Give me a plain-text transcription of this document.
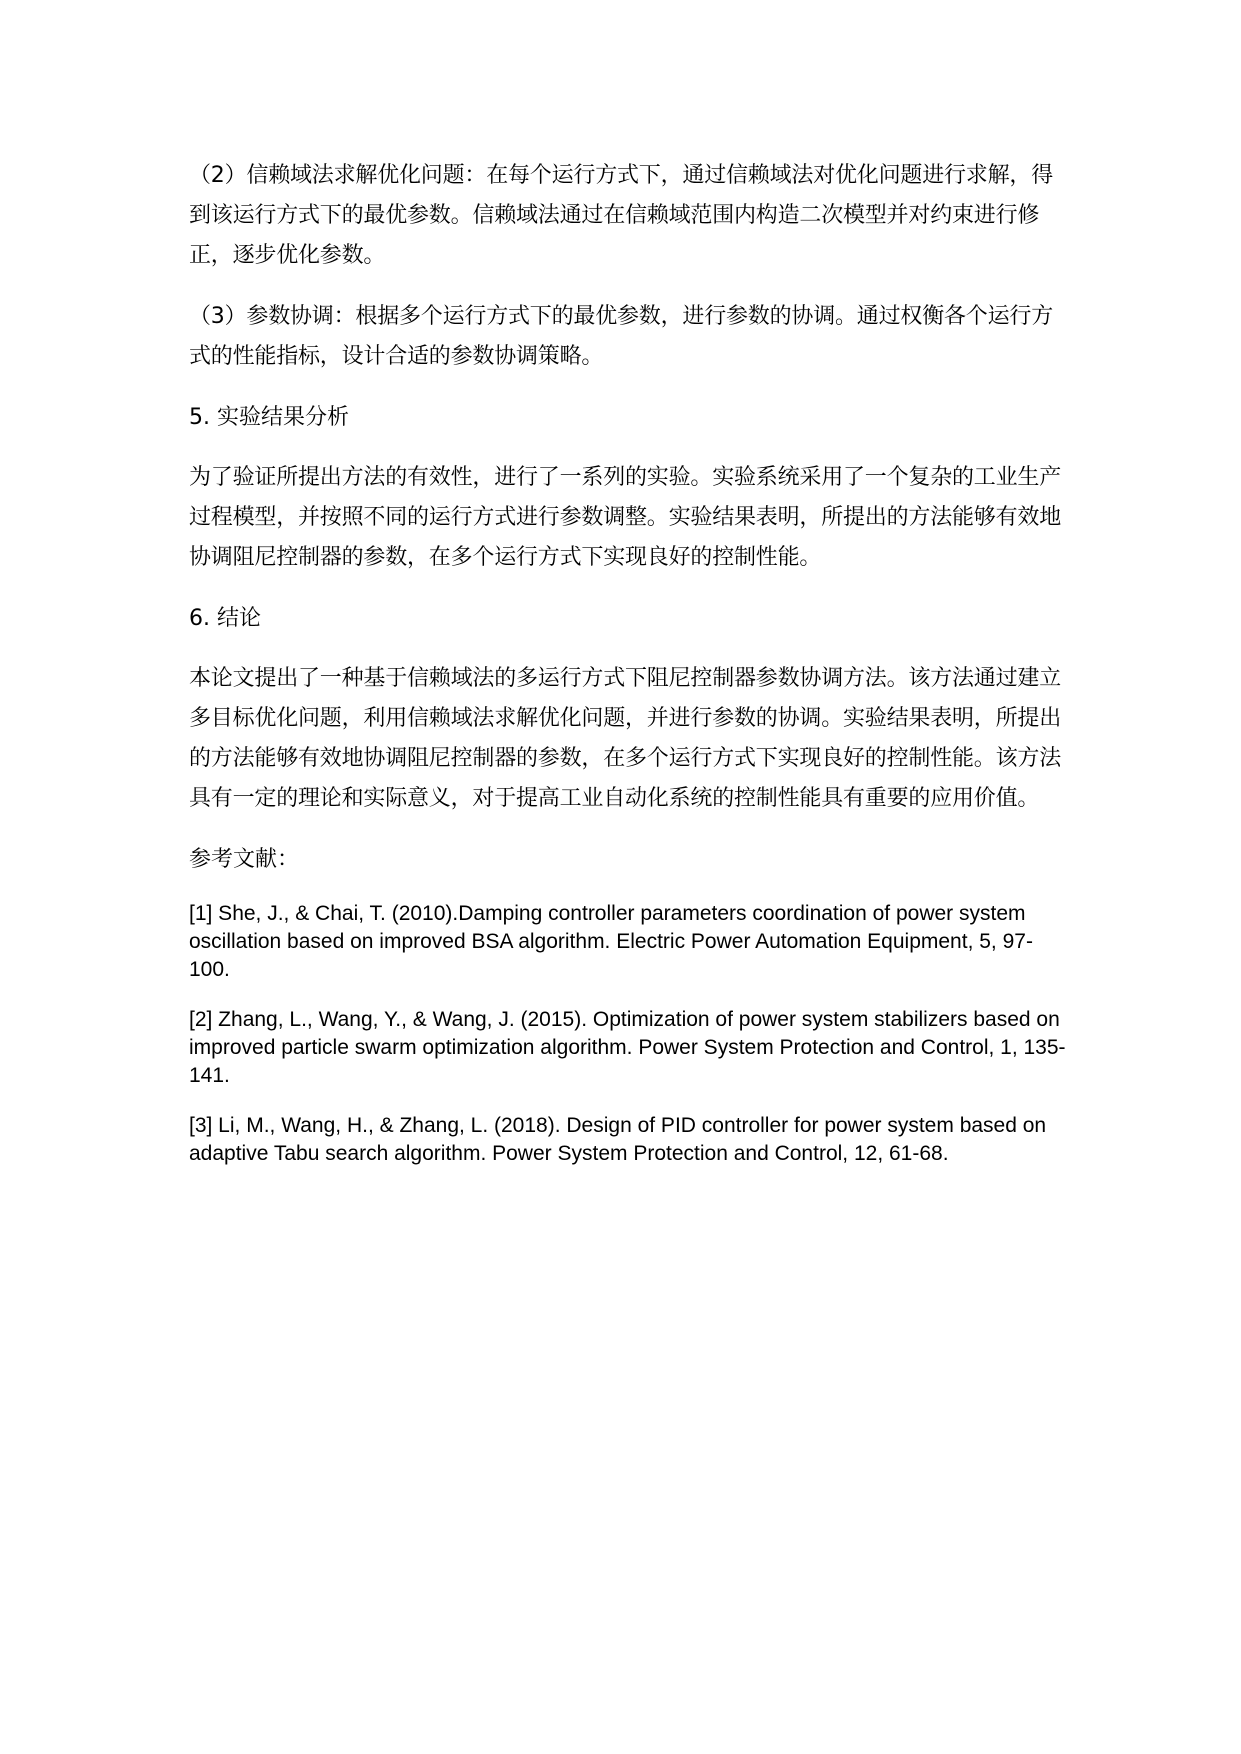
（2）信赖域法求解优化问题：在每个运行方式下，通过信赖域法对优化问题进行求解，得到该运行方式下的最优参数。信赖域法通过在信赖域范围内构造二次模型并对约束进行修正，逐步优化参数。

（3）参数协调：根据多个运行方式下的最优参数，进行参数的协调。通过权衡各个运行方式的性能指标，设计合适的参数协调策略。

5. 实验结果分析

为了验证所提出方法的有效性，进行了一系列的实验。实验系统采用了一个复杂的工业生产过程模型，并按照不同的运行方式进行参数调整。实验结果表明，所提出的方法能够有效地协调阻尼控制器的参数，在多个运行方式下实现良好的控制性能。

6. 结论

本论文提出了一种基于信赖域法的多运行方式下阻尼控制器参数协调方法。该方法通过建立多目标优化问题，利用信赖域法求解优化问题，并进行参数的协调。实验结果表明，所提出的方法能够有效地协调阻尼控制器的参数，在多个运行方式下实现良好的控制性能。该方法具有一定的理论和实际意义，对于提高工业自动化系统的控制性能具有重要的应用价值。

参考文献：

[1] She, J., & Chai, T. (2010).Damping controller parameters coordination of power system oscillation based on improved BSA algorithm. Electric Power Automation Equipment, 5, 97-100.

[2] Zhang, L., Wang, Y., & Wang, J. (2015). Optimization of power system stabilizers based on improved particle swarm optimization algorithm. Power System Protection and Control, 1, 135-141.

[3] Li, M., Wang, H., & Zhang, L. (2018). Design of PID controller for power system based on adaptive Tabu search algorithm. Power System Protection and Control, 12, 61-68.
